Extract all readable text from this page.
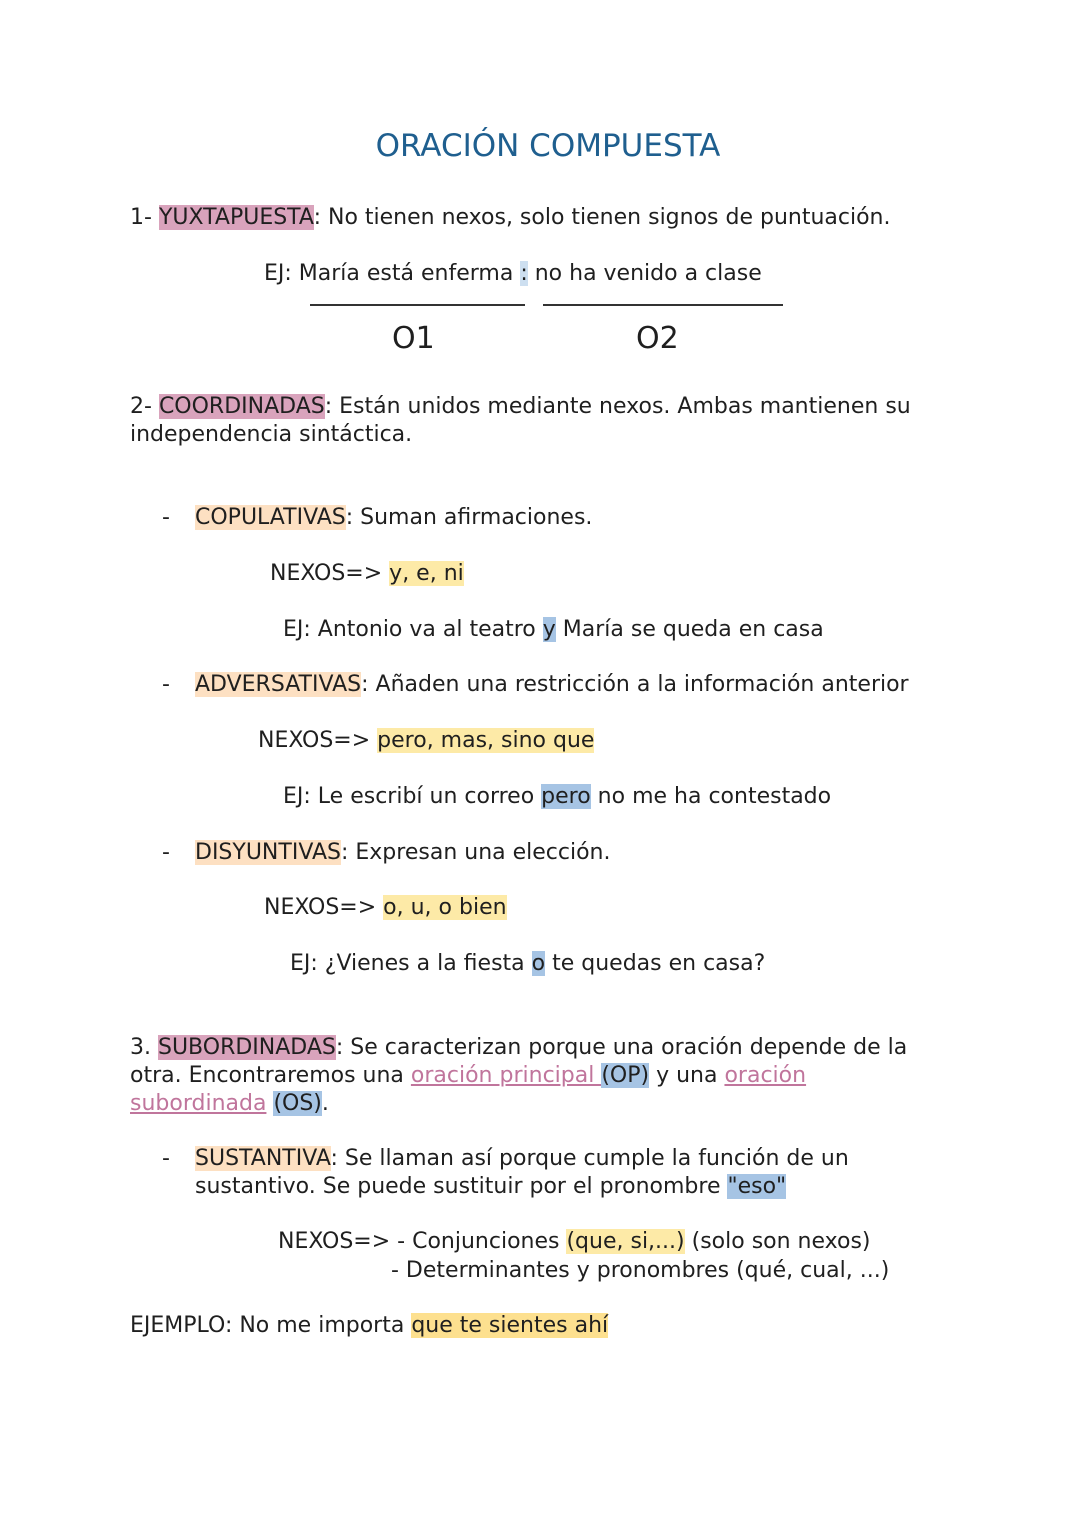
ORACIÓN COMPUESTA
1- YUXTAPUESTA: No tienen nexos, solo tienen signos de puntuación.
EJ: María está enferma : no ha venido a clase
O1	O2
2- COORDINADAS: Están unidos mediante nexos. Ambas mantienen su
independencia sintáctica.
- COPULATIVAS: Suman afirmaciones.
NEXOS=> y, e, ni
EJ: Antonio va al teatro y María se queda en casa
- ADVERSATIVAS: Añaden una restricción a la información anterior
NEXOS=> pero, mas, sino que
EJ: Le escribí un correo pero no me ha contestado
- DISYUNTIVAS: Expresan una elección.
NEXOS=> o, u, o bien
EJ: ¿Vienes a la fiesta o te quedas en casa?
3. SUBORDINADAS: Se caracterizan porque una oración depende de la
otra. Encontraremos una oración principal (OP) y una oración
subordinada (OS).
- SUSTANTIVA: Se llaman así porque cumple la función de un
sustantivo. Se puede sustituir por el pronombre "eso"
NEXOS=> - Conjunciones (que, si,...) (solo son nexos)
- Determinantes y pronombres (qué, cual, ...)
EJEMPLO: No me importa que te sientes ahí
